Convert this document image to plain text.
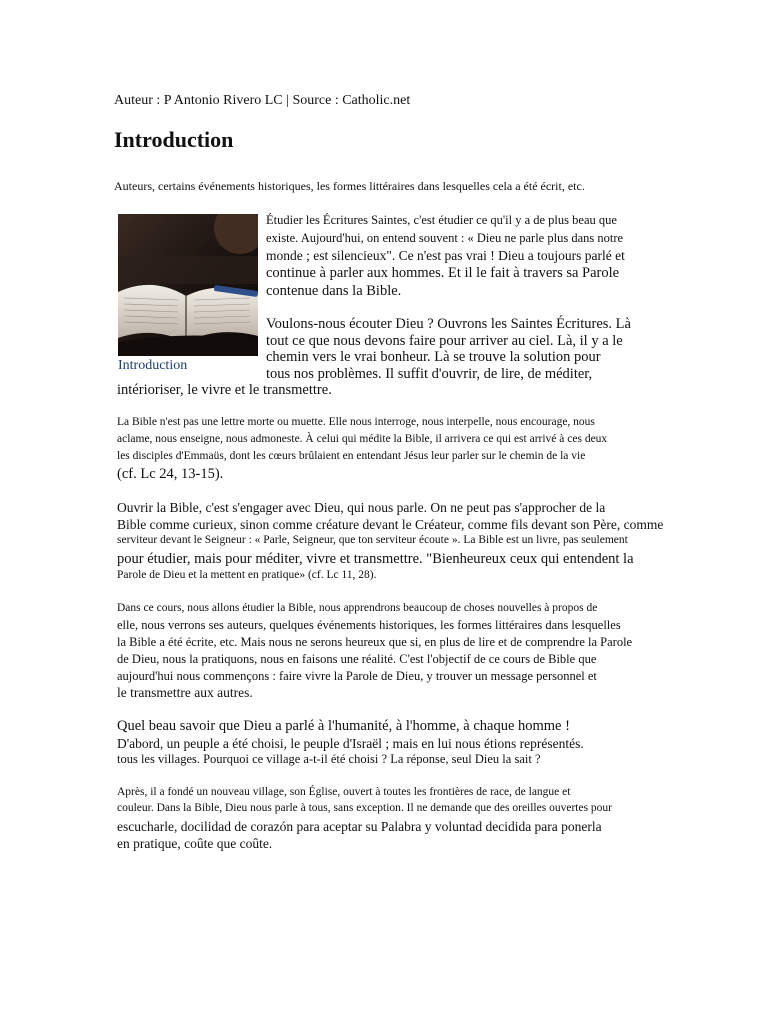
Auteur : P Antonio Rivero LC | Source : Catholic.net
Introduction
Auteurs, certains événements historiques, les formes littéraires dans lesquelles cela a été écrit, etc.
Introduction
Étudier les Écritures Saintes, c'est étudier ce qu'il y a de plus beau que
existe. Aujourd'hui, on entend souvent : « Dieu ne parle plus dans notre
monde ; est silencieux". Ce n'est pas vrai ! Dieu a toujours parlé et
continue à parler aux hommes. Et il le fait à travers sa Parole
contenue dans la Bible.
Voulons-nous écouter Dieu ? Ouvrons les Saintes Écritures. Là
tout ce que nous devons faire pour arriver au ciel. Là, il y a le
chemin vers le vrai bonheur. Là se trouve la solution pour
tous nos problèmes. Il suffit d'ouvrir, de lire, de méditer,
intérioriser, le vivre et le transmettre.
La Bible n'est pas une lettre morte ou muette. Elle nous interroge, nous interpelle, nous encourage, nous
aclame, nous enseigne, nous admoneste. À celui qui médite la Bible, il arrivera ce qui est arrivé à ces deux
les disciples d'Emmaüs, dont les cœurs brûlaient en entendant Jésus leur parler sur le chemin de la vie
(cf. Lc 24, 13-15).
Ouvrir la Bible, c'est s'engager avec Dieu, qui nous parle. On ne peut pas s'approcher de la
Bible comme curieux, sinon comme créature devant le Créateur, comme fils devant son Père, comme
serviteur devant le Seigneur : « Parle, Seigneur, que ton serviteur écoute ». La Bible est un livre, pas seulement
pour étudier, mais pour méditer, vivre et transmettre. "Bienheureux ceux qui entendent la
Parole de Dieu et la mettent en pratique» (cf. Lc 11, 28).
Dans ce cours, nous allons étudier la Bible, nous apprendrons beaucoup de choses nouvelles à propos de
elle, nous verrons ses auteurs, quelques événements historiques, les formes littéraires dans lesquelles
la Bible a été écrite, etc. Mais nous ne serons heureux que si, en plus de lire et de comprendre la Parole
de Dieu, nous la pratiquons, nous en faisons une réalité. C'est l'objectif de ce cours de Bible que
aujourd'hui nous commençons : faire vivre la Parole de Dieu, y trouver un message personnel et
le transmettre aux autres.
Quel beau savoir que Dieu a parlé à l'humanité, à l'homme, à chaque homme !
D'abord, un peuple a été choisi, le peuple d'Israël ; mais en lui nous étions représentés.
tous les villages. Pourquoi ce village a-t-il été choisi ? La réponse, seul Dieu la sait ?
Après, il a fondé un nouveau village, son Église, ouvert à toutes les frontières de race, de langue et
couleur. Dans la Bible, Dieu nous parle à tous, sans exception. Il ne demande que des oreilles ouvertes pour
escucharle, docilidad de corazón para aceptar su Palabra y voluntad decidida para ponerla
en pratique, coûte que coûte.
